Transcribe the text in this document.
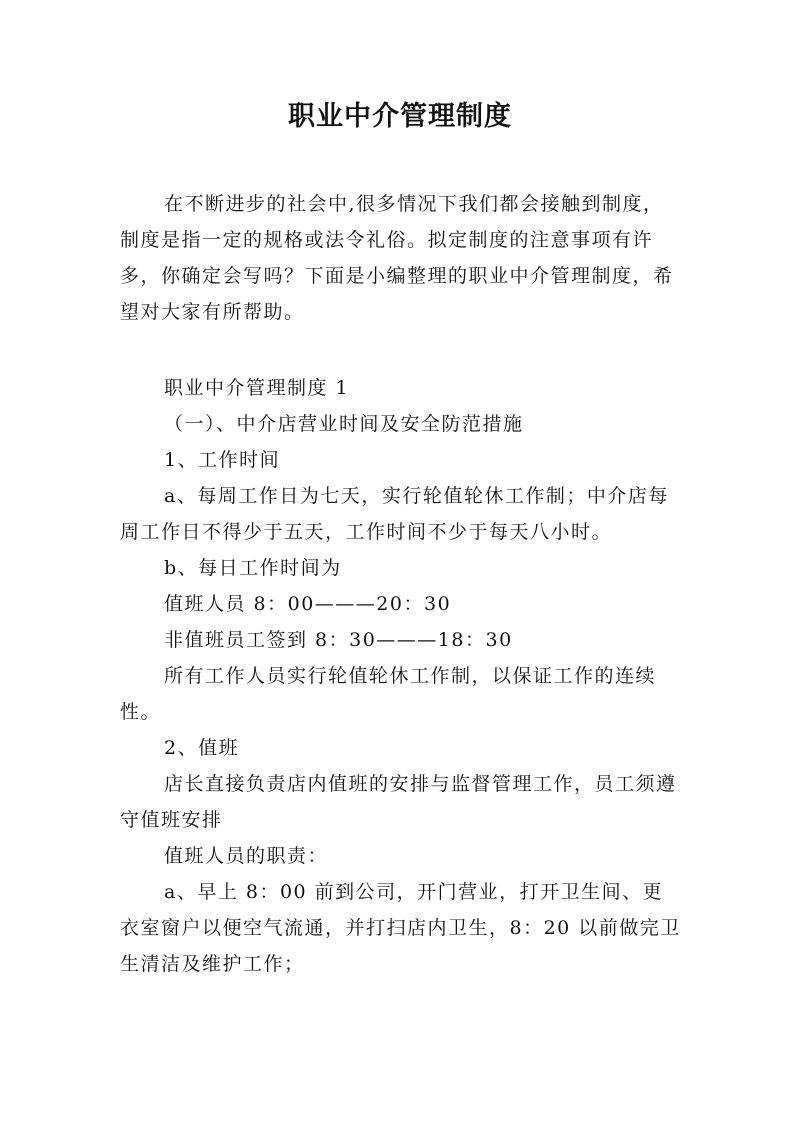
职业中介管理制度

在不断进步的社会中,很多情况下我们都会接触到制度，制度是指一定的规格或法令礼俗。拟定制度的注意事项有许多，你确定会写吗？下面是小编整理的职业中介管理制度，希望对大家有所帮助。

职业中介管理制度 1

（一）、中介店营业时间及安全防范措施

1、工作时间

a、每周工作日为七天，实行轮值轮休工作制；中介店每周工作日不得少于五天，工作时间不少于每天八小时。

b、每日工作时间为

值班人员 8：00———20：30

非值班员工签到 8：30———18：30

所有工作人员实行轮值轮休工作制，以保证工作的连续性。

2、值班

店长直接负责店内值班的安排与监督管理工作，员工须遵守值班安排

值班人员的职责：

a、早上 8：00 前到公司，开门营业，打开卫生间、更衣室窗户以便空气流通，并打扫店内卫生，8：20 以前做完卫生清洁及维护工作；
